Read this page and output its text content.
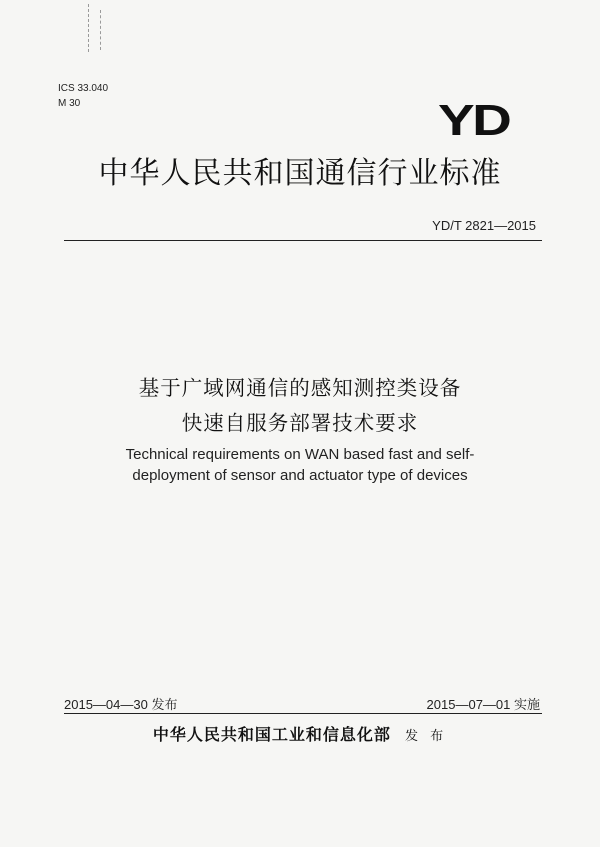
ICS 33.040
M 30	YD
中华人民共和国通信行业标准
YD/T 2821—2015
基于广域网通信的感知测控类设备
快速自服务部署技术要求
Technical requirements on WAN based fast and self-
deployment of sensor and actuator type of devices
2015—04—30 发布	2015—07—01 实施
中华人民共和国工业和信息化部 发 布
